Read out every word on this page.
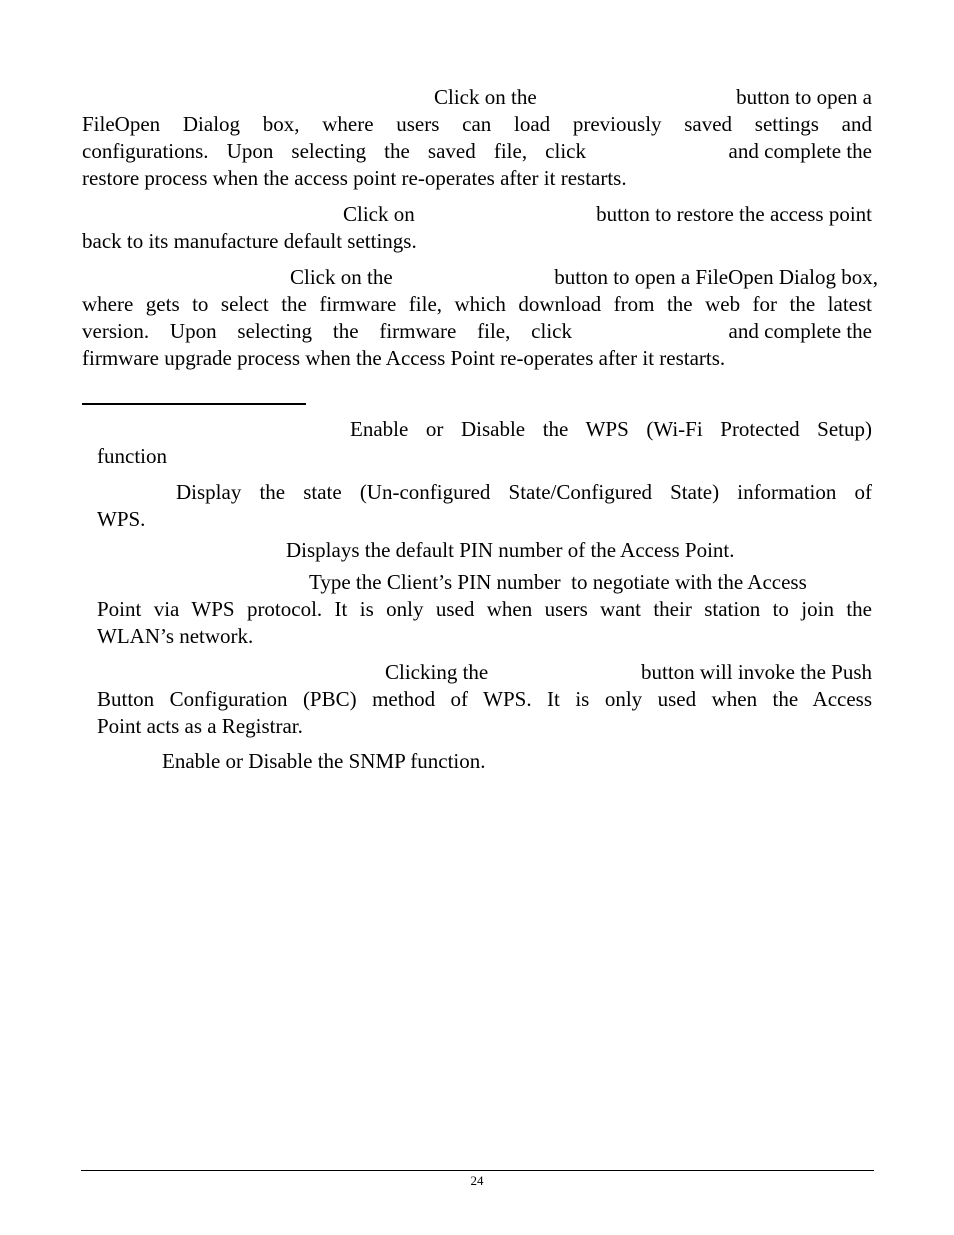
Click on the	button to open a
FileOpen Dialog box, where users can load previously saved settings and
configurations. Upon selecting the saved file, click	and complete the
restore process when the access point re-operates after it restarts.
Click on	button to restore the access point
back to its manufacture default settings.
Click on the	button to open a FileOpen Dialog box,
where gets to select the firmware file, which download from the web for the latest
version. Upon selecting the firmware file, click	and complete the
firmware upgrade process when the Access Point re-operates after it restarts.
Enable or Disable the WPS (Wi-Fi Protected Setup)
function
Display the state (Un-configured State/Configured State) information of
WPS.
Displays the default PIN number of the Access Point.
Type the Client’s PIN number  to negotiate with the Access
Point via WPS protocol. It is only used when users want their station to join the
WLAN’s network.
Clicking the	button will invoke the Push
Button Configuration (PBC) method of WPS. It is only used when the Access
Point acts as a Registrar.
Enable or Disable the SNMP function.
24
